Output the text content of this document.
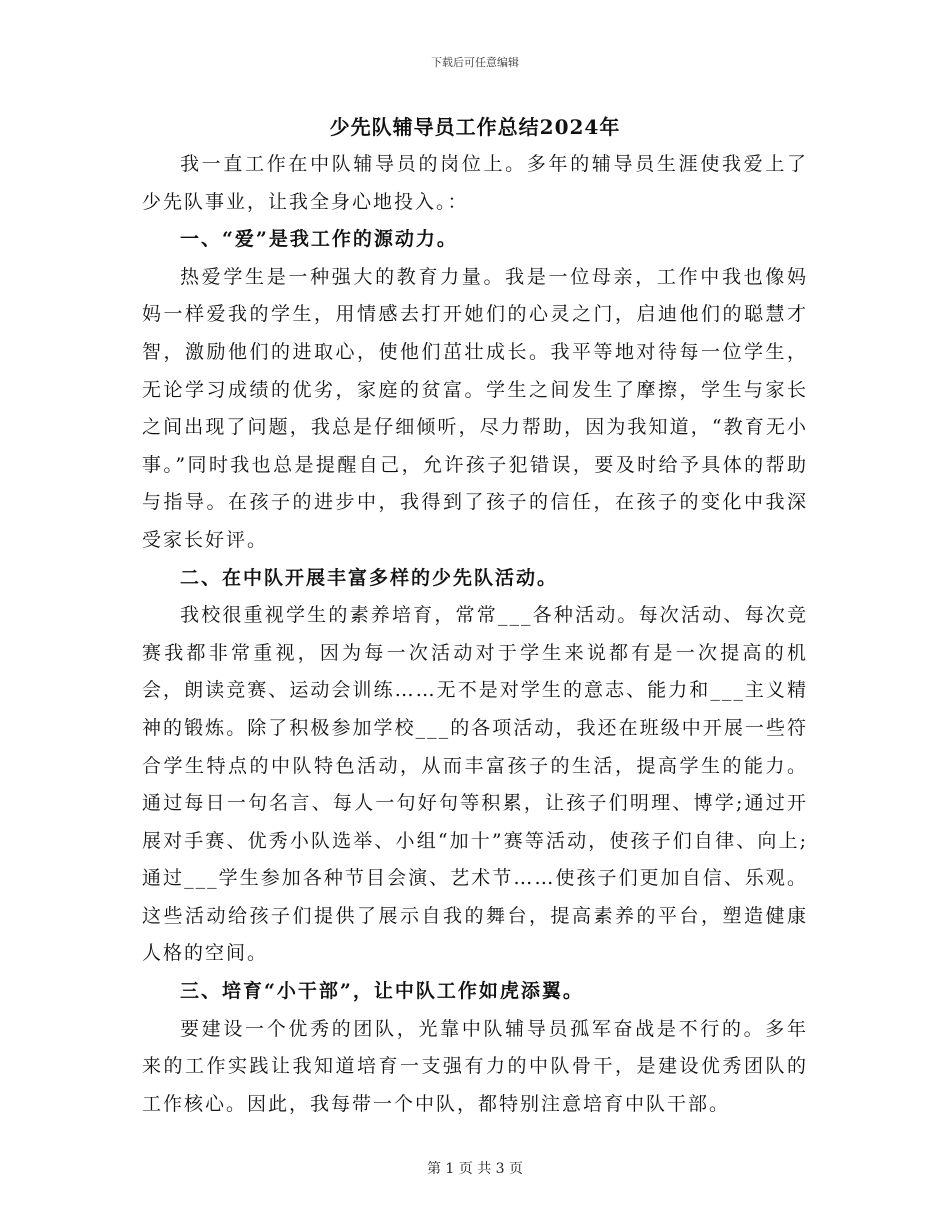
下载后可任意编辑
少先队辅导员工作总结2024年

我一直工作在中队辅导员的岗位上。多年的辅导员生涯使我爱上了少先队事业，让我全身心地投入。：

一、“爱”是我工作的源动力。

热爱学生是一种强大的教育力量。我是一位母亲，工作中我也像妈妈一样爱我的学生，用情感去打开她们的心灵之门，启迪他们的聪慧才智，激励他们的进取心，使他们茁壮成长。我平等地对待每一位学生，无论学习成绩的优劣，家庭的贫富。学生之间发生了摩擦，学生与家长之间出现了问题，我总是仔细倾听，尽力帮助，因为我知道，“教育无小事。”同时我也总是提醒自己，允许孩子犯错误，要及时给予具体的帮助与指导。在孩子的进步中，我得到了孩子的信任，在孩子的变化中我深受家长好评。

二、在中队开展丰富多样的少先队活动。

我校很重视学生的素养培育，常常___各种活动。每次活动、每次竞赛我都非常重视，因为每一次活动对于学生来说都有是一次提高的机会，朗读竞赛、运动会训练……无不是对学生的意志、能力和___主义精神的锻炼。除了积极参加学校___的各项活动，我还在班级中开展一些符合学生特点的中队特色活动，从而丰富孩子的生活，提高学生的能力。通过每日一句名言、每人一句好句等积累，让孩子们明理、博学;通过开展对手赛、优秀小队选举、小组“加十”赛等活动，使孩子们自律、向上;通过___学生参加各种节目会演、艺术节……使孩子们更加自信、乐观。这些活动给孩子们提供了展示自我的舞台，提高素养的平台，塑造健康人格的空间。

三、培育“小干部”，让中队工作如虎添翼。

要建设一个优秀的团队，光靠中队辅导员孤军奋战是不行的。多年来的工作实践让我知道培育一支强有力的中队骨干，是建设优秀团队的工作核心。因此，我每带一个中队，都特别注意培育中队干部。

第 1 页 共 3 页
